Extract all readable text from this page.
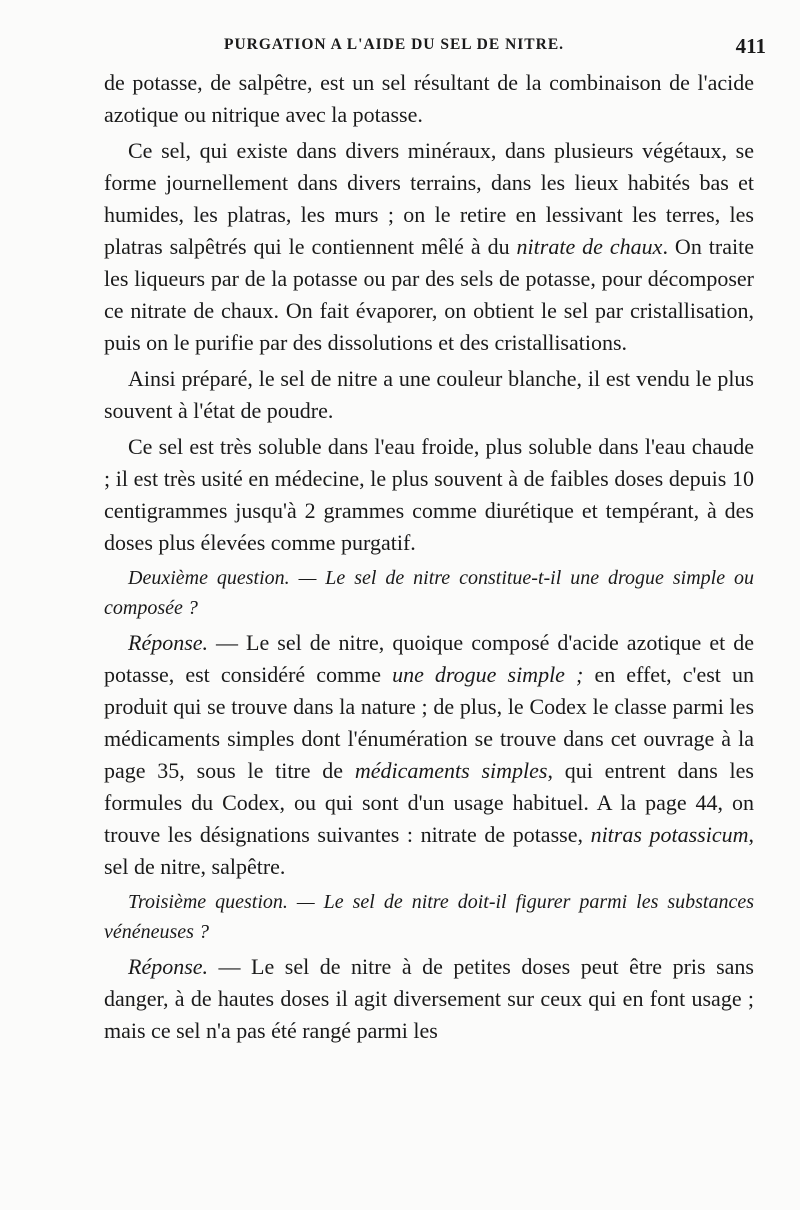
PURGATION A L'AIDE DU SEL DE NITRE.	411

de potasse, de salpêtre, est un sel résultant de la combinaison de l'acide azotique ou nitrique avec la potasse.

Ce sel, qui existe dans divers minéraux, dans plusieurs végétaux, se forme journellement dans divers terrains, dans les lieux habités bas et humides, les platras, les murs ; on le retire en lessivant les terres, les platras salpêtrés qui le contiennent mêlé à du nitrate de chaux. On traite les liqueurs par de la potasse ou par des sels de potasse, pour décomposer ce nitrate de chaux. On fait évaporer, on obtient le sel par cristallisation, puis on le purifie par des dissolutions et des cristallisations.

Ainsi préparé, le sel de nitre a une couleur blanche, il est vendu le plus souvent à l'état de poudre.

Ce sel est très soluble dans l'eau froide, plus soluble dans l'eau chaude ; il est très usité en médecine, le plus souvent à de faibles doses depuis 10 centigrammes jusqu'à 2 grammes comme diurétique et tempérant, à des doses plus élevées comme purgatif.

Deuxième question. — Le sel de nitre constitue-t-il une drogue simple ou composée ?

Réponse. — Le sel de nitre, quoique composé d'acide azotique et de potasse, est considéré comme une drogue simple ; en effet, c'est un produit qui se trouve dans la nature ; de plus, le Codex le classe parmi les médicaments simples dont l'énumération se trouve dans cet ouvrage à la page 35, sous le titre de médicaments simples, qui entrent dans les formules du Codex, ou qui sont d'un usage habituel. A la page 44, on trouve les désignations suivantes : nitrate de potasse, nitras potassicum, sel de nitre, salpêtre.

Troisième question. — Le sel de nitre doit-il figurer parmi les substances vénéneuses ?

Réponse. — Le sel de nitre à de petites doses peut être pris sans danger, à de hautes doses il agit diversement sur ceux qui en font usage ; mais ce sel n'a pas été rangé parmi les
